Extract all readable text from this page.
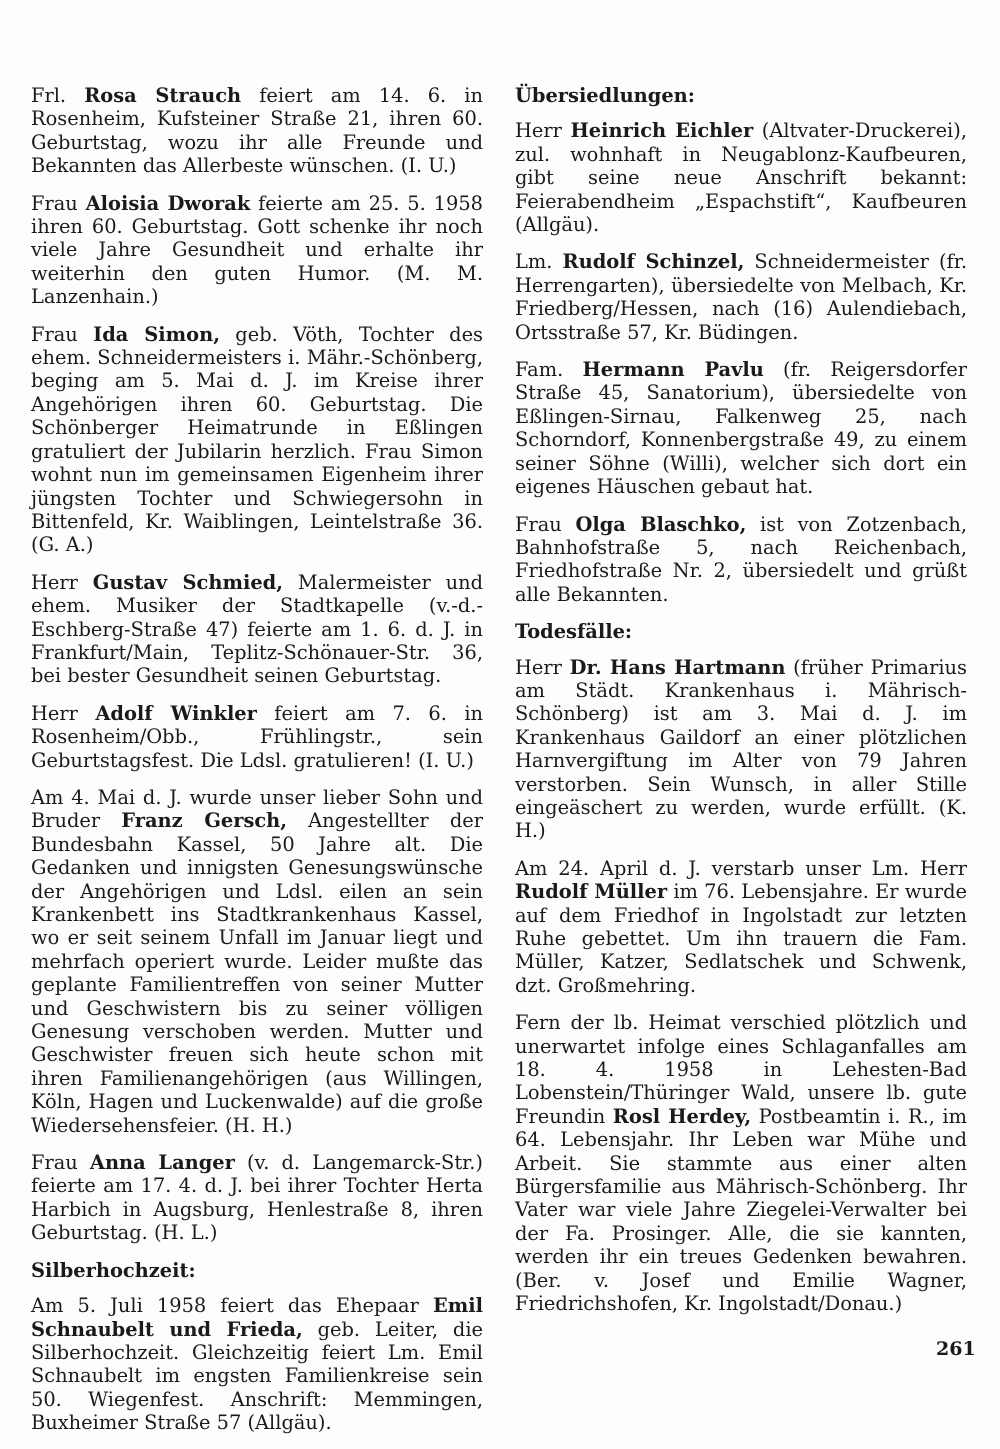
Frl. Rosa Strauch feiert am 14. 6. in Rosenheim, Kufsteiner Straße 21, ihren 60. Geburtstag, wozu ihr alle Freunde und Bekannten das Allerbeste wünschen. (I. U.)

Frau Aloisia Dworak feierte am 25. 5. 1958 ihren 60. Geburtstag. Gott schenke ihr noch viele Jahre Gesundheit und erhalte ihr weiterhin den guten Humor. (M. M. Lanzenhain.)

Frau Ida Simon, geb. Vöth, Tochter des ehem. Schneidermeisters i. Mähr.-Schönberg, beging am 5. Mai d. J. im Kreise ihrer Angehörigen ihren 60. Geburtstag. Die Schönberger Heimatrunde in Eßlingen gratuliert der Jubilarin herzlich. Frau Simon wohnt nun im gemeinsamen Eigenheim ihrer jüngsten Tochter und Schwiegersohn in Bittenfeld, Kr. Waiblingen, Leintelstraße 36. (G. A.)

Herr Gustav Schmied, Malermeister und ehem. Musiker der Stadtkapelle (v.-d.-Eschberg-Straße 47) feierte am 1. 6. d. J. in Frankfurt/Main, Teplitz-Schönauer-Str. 36, bei bester Gesundheit seinen Geburtstag.

Herr Adolf Winkler feiert am 7. 6. in Rosenheim/Obb., Frühlingstr., sein Geburtstagsfest. Die Ldsl. gratulieren! (I. U.)

Am 4. Mai d. J. wurde unser lieber Sohn und Bruder Franz Gersch, Angestellter der Bundesbahn Kassel, 50 Jahre alt. Die Gedanken und innigsten Genesungswünsche der Angehörigen und Ldsl. eilen an sein Krankenbett ins Stadtkrankenhaus Kassel, wo er seit seinem Unfall im Januar liegt und mehrfach operiert wurde. Leider mußte das geplante Familientreffen von seiner Mutter und Geschwistern bis zu seiner völligen Genesung verschoben werden. Mutter und Geschwister freuen sich heute schon mit ihren Familienangehörigen (aus Willingen, Köln, Hagen und Luckenwalde) auf die große Wiedersehensfeier. (H. H.)

Frau Anna Langer (v. d. Langemarck-Str.) feierte am 17. 4. d. J. bei ihrer Tochter Herta Harbich in Augsburg, Henlestraße 8, ihren Geburtstag. (H. L.)

Silberhochzeit:

Am 5. Juli 1958 feiert das Ehepaar Emil Schnaubelt und Frieda, geb. Leiter, die Silberhochzeit. Gleichzeitig feiert Lm. Emil Schnaubelt im engsten Familienkreise sein 50. Wiegenfest. Anschrift: Memmingen, Buxheimer Straße 57 (Allgäu).

Übersiedlungen:

Herr Heinrich Eichler (Altvater-Druckerei), zul. wohnhaft in Neugablonz-Kaufbeuren, gibt seine neue Anschrift bekannt: Feierabendheim „Espachstift“, Kaufbeuren (Allgäu).

Lm. Rudolf Schinzel, Schneidermeister (fr. Herrengarten), übersiedelte von Melbach, Kr. Friedberg/Hessen, nach (16) Aulendiebach, Ortsstraße 57, Kr. Büdingen.

Fam. Hermann Pavlu (fr. Reigersdorfer Straße 45, Sanatorium), übersiedelte von Eßlingen-Sirnau, Falkenweg 25, nach Schorndorf, Konnenbergstraße 49, zu einem seiner Söhne (Willi), welcher sich dort ein eigenes Häuschen gebaut hat.

Frau Olga Blaschko, ist von Zotzenbach, Bahnhofstraße 5, nach Reichenbach, Friedhofstraße Nr. 2, übersiedelt und grüßt alle Bekannten.

Todesfälle:

Herr Dr. Hans Hartmann (früher Primarius am Städt. Krankenhaus i. Mährisch-Schönberg) ist am 3. Mai d. J. im Krankenhaus Gaildorf an einer plötzlichen Harnvergiftung im Alter von 79 Jahren verstorben. Sein Wunsch, in aller Stille eingeäschert zu werden, wurde erfüllt. (K. H.)

Am 24. April d. J. verstarb unser Lm. Herr Rudolf Müller im 76. Lebensjahre. Er wurde auf dem Friedhof in Ingolstadt zur letzten Ruhe gebettet. Um ihn trauern die Fam. Müller, Katzer, Sedlatschek und Schwenk, dzt. Großmehring.

Fern der lb. Heimat verschied plötzlich und unerwartet infolge eines Schlaganfalles am 18. 4. 1958 in Lehesten-Bad Lobenstein/Thüringer Wald, unsere lb. gute Freundin Rosl Herdey, Postbeamtin i. R., im 64. Lebensjahr. Ihr Leben war Mühe und Arbeit. Sie stammte aus einer alten Bürgersfamilie aus Mährisch-Schönberg. Ihr Vater war viele Jahre Ziegelei-Verwalter bei der Fa. Prosinger. Alle, die sie kannten, werden ihr ein treues Gedenken bewahren. (Ber. v. Josef und Emilie Wagner, Friedrichshofen, Kr. Ingolstadt/Donau.)

261
